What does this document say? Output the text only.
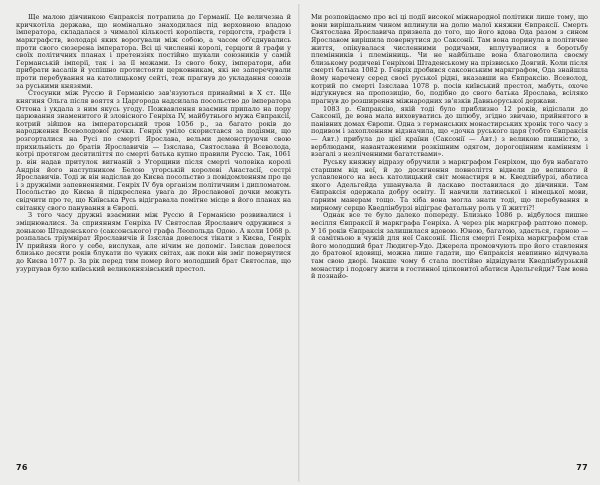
Ще малою дівчинкою Євпраксія потрапила до Германії. Це величезна й кричкотіла держава, що номінально знаходилася під верховною владою імператора, складалася з чималої кількості королівств, герцогств, графств і маркграфств, володарі яких ворогували між собою, а часом об'єднувались проти свого сюзерена імператора. Всі ці численні королі, герцоги й графи у своїх політичних планах і претензіях постійно шукали союзників у самій Германській імперії, так і за її межами. Із свого боку, імператори, аби прибрати васалів й успішно протистояти церковникам, які не заперечували проти перебування на католицькому сейті, теж прагнув до укладання союзів за руськими князями.

Стосунки між Руссю й Германією зав'язуються принаймні в X ст. Ще княгиня Ольга після вояття з Царгорода надсилала посольство до імператора Оттона і укдала з ним якусь угоду. Пожвавлення взаємин припало на пору царювання знаменитого й зловісного Генріха IV, майбутнього мужа Євпраксії, котрий зійшов на імператорський трон 1056 р., за багато років до народження Всеволодової дочки. Генріх уміло скористався за подіями, що розгорталися на Русі по смерті Ярослава, вельми демонструючи свою прихильність до братів Ярославичів — Ізяслава, Святослава й Всеволода, котрі протягом десятиліття по смерті батька купно правили Руссю. Так, 1061 р. він надав притулок вигнаній з Угорщини після смерті чоловіка королі Андрія його наступником Белою угорській королеві Анастасії, сестрі Ярославичів. Тоді ж він надіслав до Києва посольство з повідомленням про це і з дружніми запевненнями. Генріх IV був організм політичним і дипломатом. Посольство до Києва й підкреслена увага до Ярославової дочки можуть свідчити про те, що Київська Русь відігравала помітне місце в його планах на світанку свого панування в Європі.

З того часу дружні взаємини між Руссю й Германією розвивалися і зміцнювалися. За сприянням Генріха IV Святослав Ярославич одружився з донькою Штаденського (саксонського) графа Леопольда Одою. А коли 1068 р. розпалась тріумвірат Ярославичів й Ізяслав довелося тікати з Києва, Генріх IV прийняв його у себе, вислухав, але нічим не допоміг. Ізяслав довелося близько десяти років блукати по чужих світах, аж поки він зміг повернутися до Києва 1077 р. За рік перед тим помер його молодший брат Святослав, що узурпував було київський великокнязівський престол.

76

Ми розповідаємо про всі ці події високої міжнародної політики лише тому, що вони вирішальним чином вплинули на долю малої княжни Євпраксії. Смерть Святослава Ярославича призвела до того, що його вдова Ода разом з сином Ярославом вирішила повернутися до Саксонії. Там вона поринула в політичне життя, опікувалася численними родичами, вплутувалися в боротьбу племінників і племінниць. Чи не найбільше вона благоволила своєму близькому родичеві Генріхові Штаденському на прізвисько Довгий. Коли після смерті батька 1082 р. Генріх дробився саксонським маркграфом, Ода знайшла йому наречену серед своєї руської рідні, вказавши на Євпраксію. Всеволод, котрий по смерті Ізяслава 1078 р. посів київський престол, мабуть, охоче відгукнувся на пропозицію, бо, подібно до свого батька Ярослава, всіляко прагнув до розширення міжнародних зв'язків Давньоруської держави.

1083 р. Євпраксію, якій тоді було приблизно 12 років, відіслали до Саксонії, де вона мала виховуватись до шлюбу, згідно звичаю, прийнятого в панівних домах Європи. Одна з германських монастирських хронік того часу з подивом і захопленням відзначила, що «дочка руського царя (тобто Євпраксія — Авт.) прибула до цієї країни (Саксонії — Авт.) з великою пишністю, з верблюдами, навантаженими розкішним одягом, дорогоцінним камінням і взагалі з незліченними багатствами».

Руську княжну відразу обручили з маркграфом Генріхом, що був набагато старшим від неї, й до досягнення повноліття відвели до великого й уславленого на весь католицький світ монастиря в м. Кведлінбурзі, абатиса якого Адельгейда ушанувала й ласкаво поставилася до дівчинки. Там Євпраксія одержала добру освіту. Її навчили латинської і німецької мови, гарним манерам тощо. Та хіба вона могла знати тоді, що перебування в мирному серцю Кведлінбурзі відіграє фатальну роль у її житті?!

Однак все те було далеко попереду. Близько 1086 р. відбулося пишне весілля Євпраксії й маркграфа Генріха. А через рік маркграф раптово помер. У 16 років Євпраксія залишилася вдовою. Юною, багатою, здається, гарною — й самітньою в чужій для неї Саксонії. Після смерті Генріха маркграфом став його молодший брат Людигер-Удо. Джерела промовчують про його ставлення до братової вдовиці, можна лише гадати, що Євпраксія невпинно відчувала там свою дворі. Інакше чому б стала постійно відвідувати Кведлінбурзький монастир і подовгу жити в гостинної цілковитої абатиси Адельгейди? Там вона й познайо-

77
